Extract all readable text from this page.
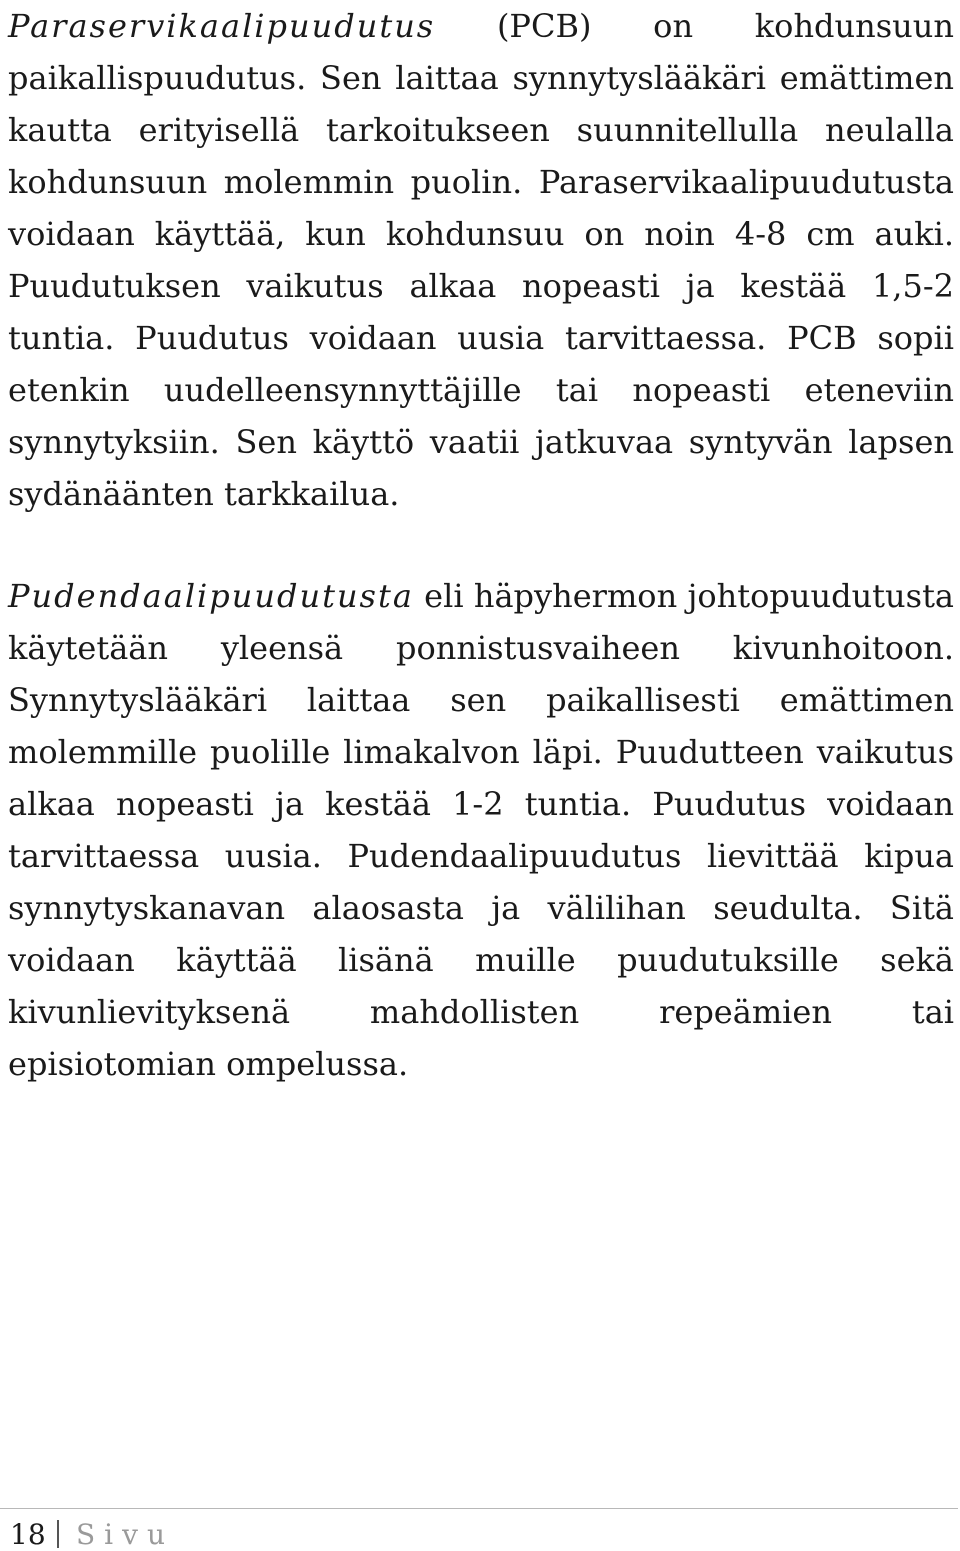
Paraservikaalipuudutus (PCB) on kohdunsuun paikallispuudutus. Sen laittaa synnytyslääkäri emättimen kautta erityisellä tarkoitukseen suunnitellulla neulalla kohdunsuun molemmin puolin. Paraservikaalipuudutusta voidaan käyttää, kun kohdunsuu on noin 4-8 cm auki. Puudutuksen vaikutus alkaa nopeasti ja kestää 1,5-2 tuntia. Puudutus voidaan uusia tarvittaessa. PCB sopii etenkin uudelleensynnyttäjille tai nopeasti eteneviin synnytyksiin. Sen käyttö vaatii jatkuvaa syntyvän lapsen sydänäänten tarkkailua.

Pudendaalipuudutusta eli häpyhermon johtopuudutusta käytetään yleensä ponnistusvaiheen kivunhoitoon. Synnytyslääkäri laittaa sen paikallisesti emättimen molemmille puolille limakalvon läpi. Puudutteen vaikutus alkaa nopeasti ja kestää 1-2 tuntia. Puudutus voidaan tarvittaessa uusia. Pudendaalipuudutus lievittää kipua synnytyskanavan alaosasta ja välilihan seudulta. Sitä voidaan käyttää lisänä muille puudutuksille sekä kivunlievityksenä mahdollisten repeämien tai episiotomian ompelussa.

18 Sivu
